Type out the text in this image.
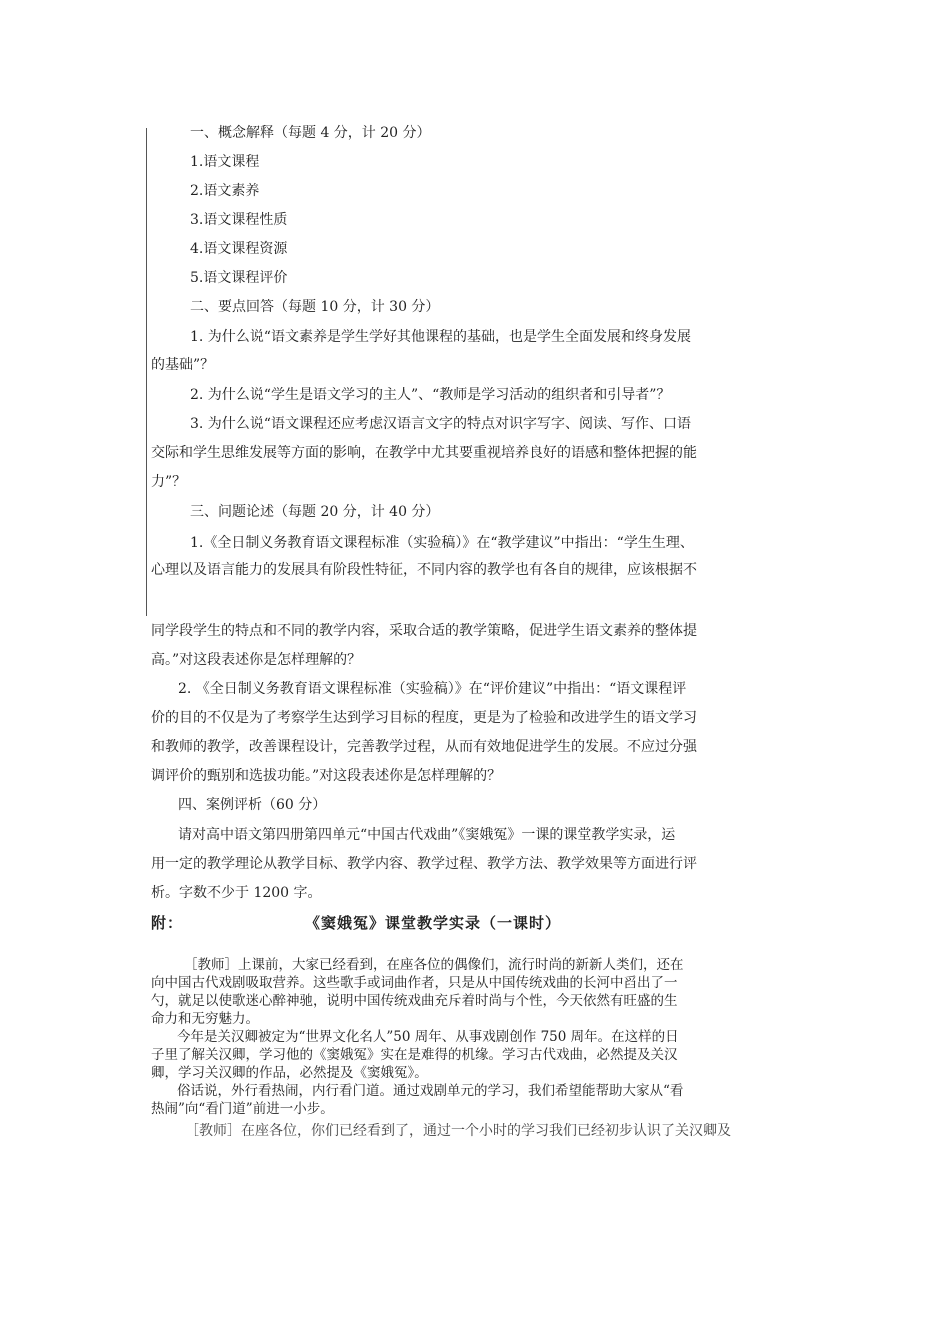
一、概念解释（每题 4 分，计 20 分）
1.语文课程
2.语文素养
3.语文课程性质
4.语文课程资源
5.语文课程评价
二、要点回答（每题 10 分，计 30 分）
1. 为什么说“语文素养是学生学好其他课程的基础，也是学生全面发展和终身发展
的基础”？
2. 为什么说“学生是语文学习的主人”、“教师是学习活动的组织者和引导者”？
3. 为什么说“语文课程还应考虑汉语言文字的特点对识字写字、阅读、写作、口语
交际和学生思维发展等方面的影响，在教学中尤其要重视培养良好的语感和整体把握的能
力”？
三、问题论述（每题 20 分，计 40 分）
1.《全日制义务教育语文课程标准（实验稿）》在“教学建议”中指出：“学生生理、
心理以及语言能力的发展具有阶段性特征，不同内容的教学也有各自的规律，应该根据不
同学段学生的特点和不同的教学内容，采取合适的教学策略，促进学生语文素养的整体提
高。”对这段表述你是怎样理解的？
2. 《全日制义务教育语文课程标准（实验稿）》在“评价建议”中指出：“语文课程评
价的目的不仅是为了考察学生达到学习目标的程度，更是为了检验和改进学生的语文学习
和教师的教学，改善课程设计，完善教学过程，从而有效地促进学生的发展。不应过分强
调评价的甄别和选拔功能。”对这段表述你是怎样理解的？
四、案例评析（60 分）
请对高中语文第四册第四单元“中国古代戏曲”《窦娥冤》一课的课堂教学实录，运
用一定的教学理论从教学目标、教学内容、教学过程、教学方法、教学效果等方面进行评
析。字数不少于 1200 字。
附：	《窦娥冤》课堂教学实录（一课时）
［教师］上课前，大家已经看到，在座各位的偶像们，流行时尚的新新人类们，还在
向中国古代戏剧吸取营养。这些歌手或词曲作者，只是从中国传统戏曲的长河中舀出了一
勺，就足以使歌迷心醉神驰，说明中国传统戏曲充斥着时尚与个性，今天依然有旺盛的生
命力和无穷魅力。
今年是关汉卿被定为“世界文化名人”50 周年、从事戏剧创作 750 周年。在这样的日
子里了解关汉卿，学习他的《窦娥冤》实在是难得的机缘。学习古代戏曲，必然提及关汉
卿，学习关汉卿的作品，必然提及《窦娥冤》。
俗话说，外行看热闹，内行看门道。通过戏剧单元的学习，我们希望能帮助大家从“看
热闹”向“看门道”前进一小步。
［教师］在座各位，你们已经看到了，通过一个小时的学习我们已经初步认识了关汉卿及
